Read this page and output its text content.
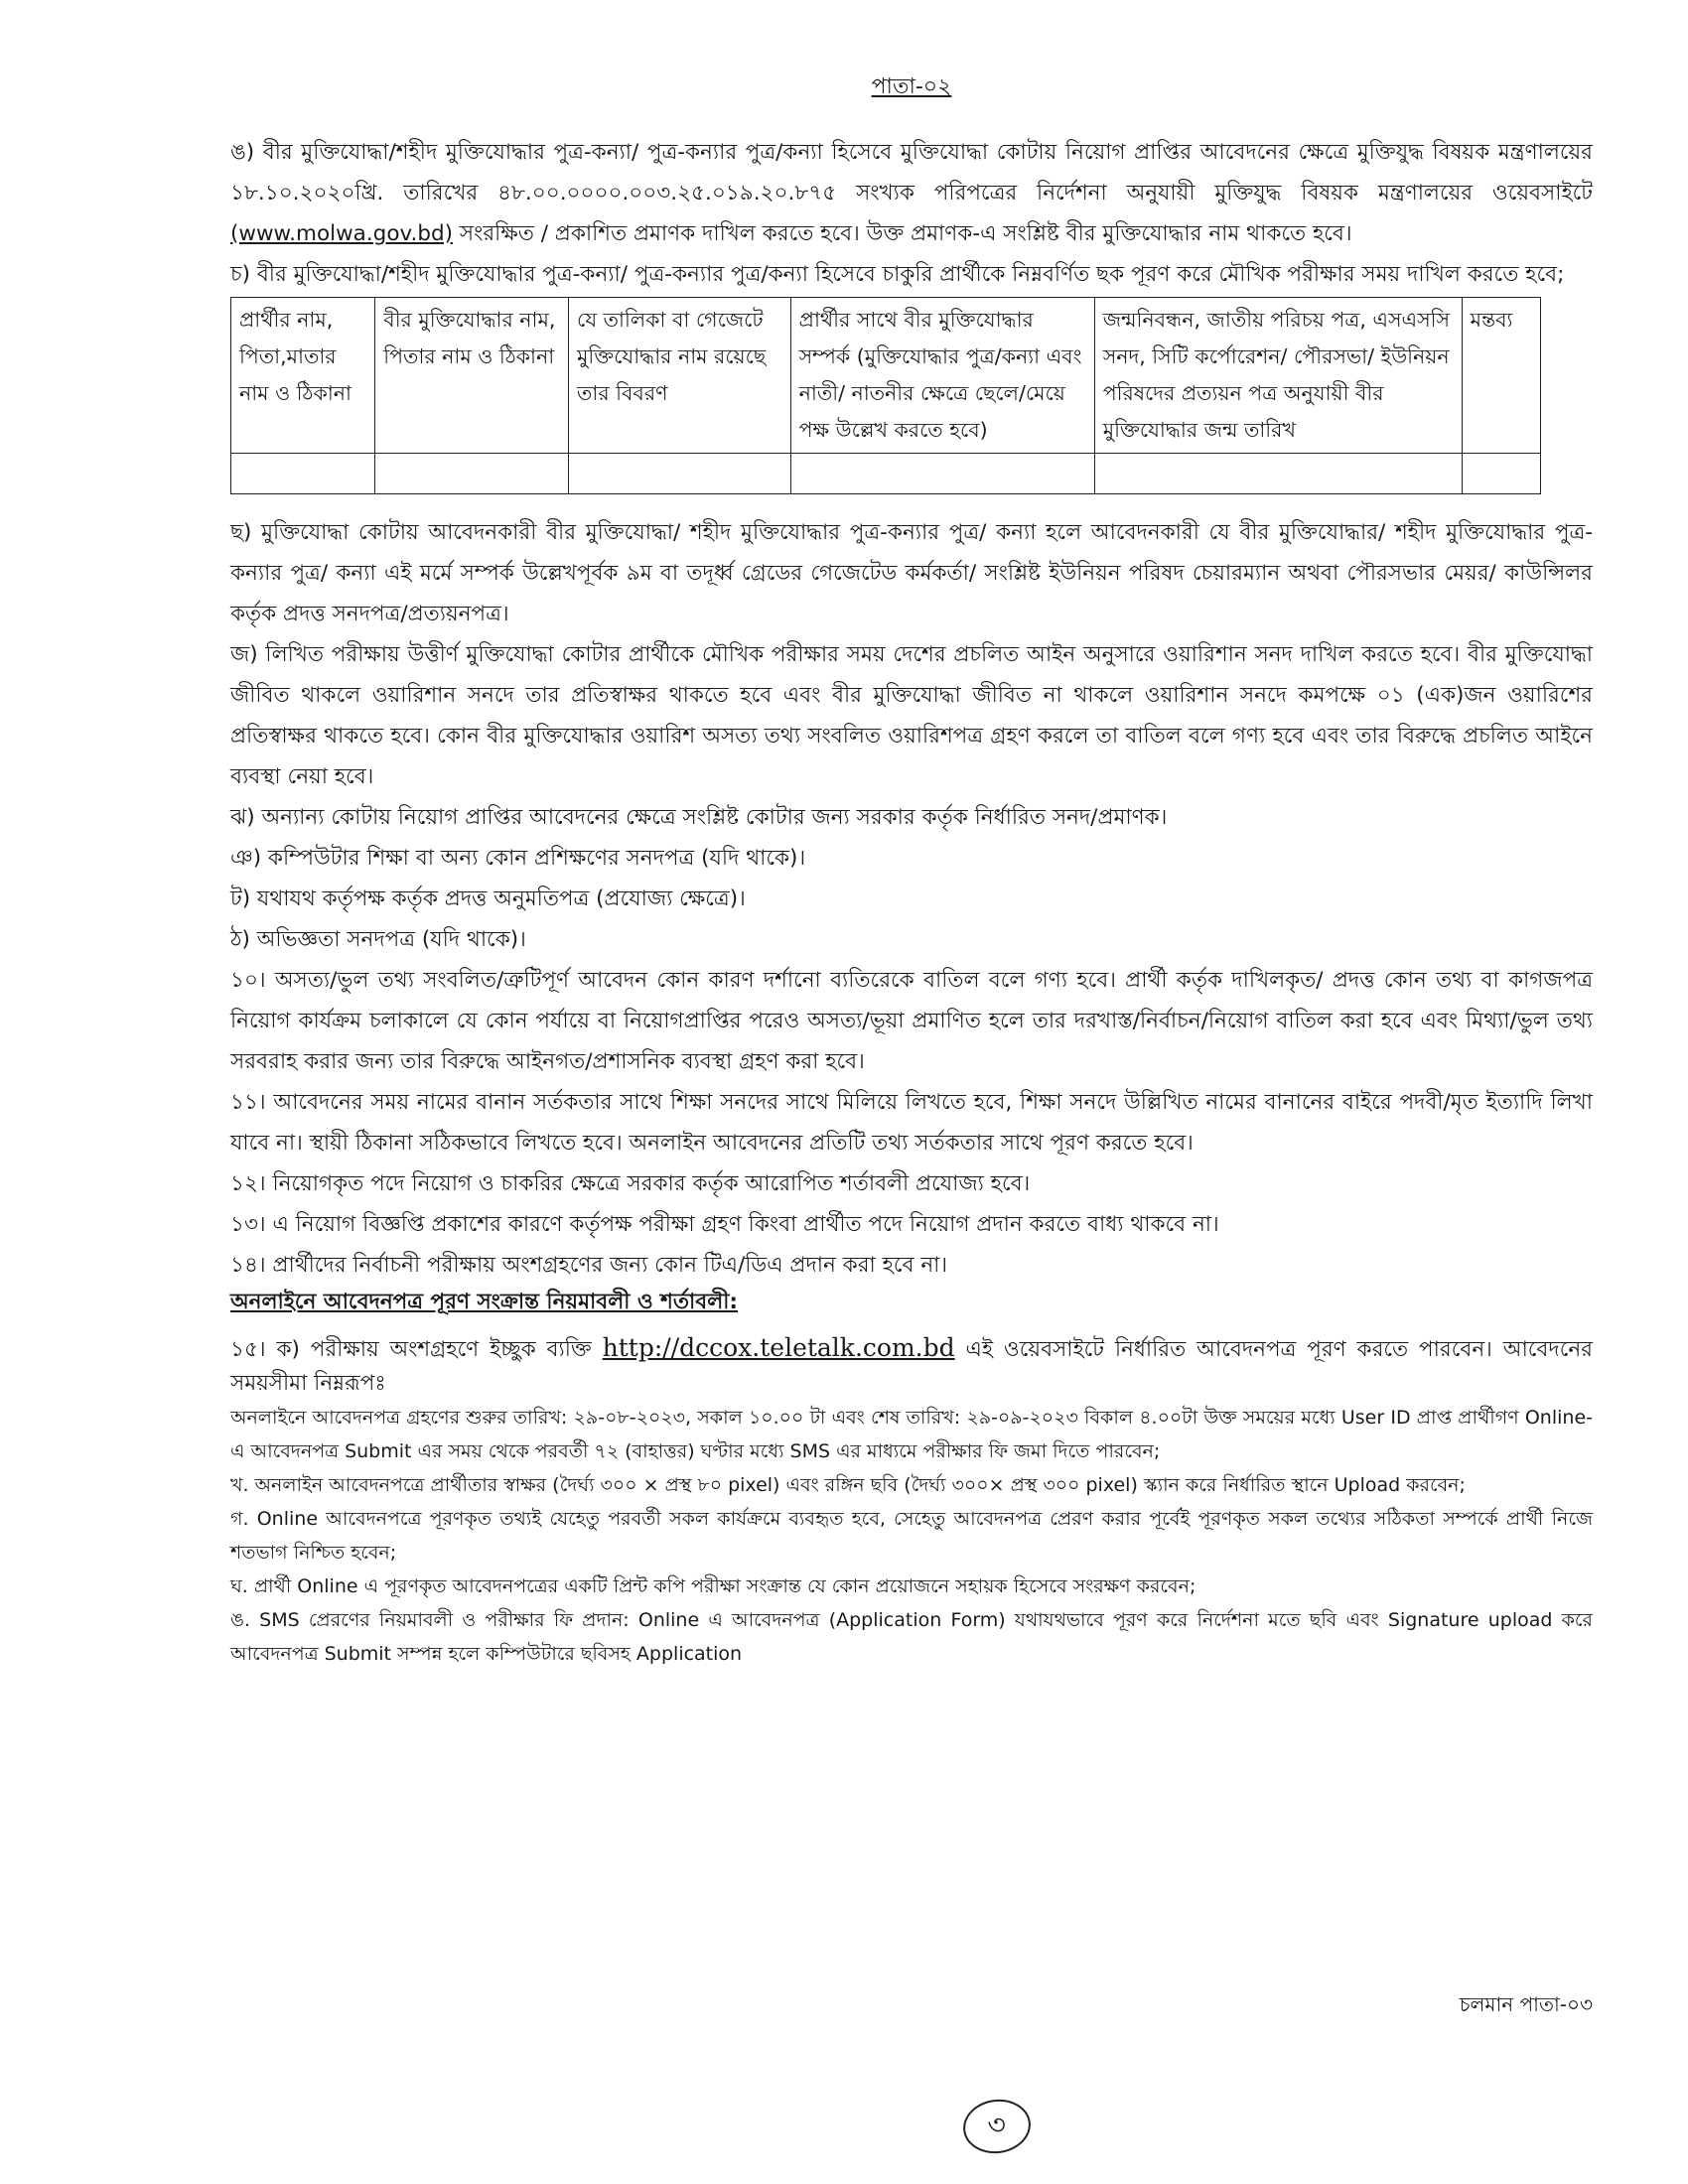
পাতা-০২

ঙ) বীর মুক্তিযোদ্ধা/শহীদ মুক্তিযোদ্ধার পুত্র-কন্যা/ পুত্র-কন্যার পুত্র/কন্যা হিসেবে মুক্তিযোদ্ধা কোটায় নিয়োগ প্রাপ্তির আবেদনের ক্ষেত্রে মুক্তিযুদ্ধ বিষয়ক মন্ত্রণালয়ের ১৮.১০.২০২০খ্রি. তারিখের ৪৮.০০.০০০০.০০৩.২৫.০১৯.২০.৮৭৫ সংখ্যক পরিপত্রের নির্দেশনা অনুযায়ী মুক্তিযুদ্ধ বিষয়ক মন্ত্রণালয়ের ওয়েবসাইটে (www.molwa.gov.bd) সংরক্ষিত / প্রকাশিত প্রমাণক দাখিল করতে হবে। উক্ত প্রমাণক-এ সংশ্লিষ্ট বীর মুক্তিযোদ্ধার নাম থাকতে হবে।

চ) বীর মুক্তিযোদ্ধা/শহীদ মুক্তিযোদ্ধার পুত্র-কন্যা/ পুত্র-কন্যার পুত্র/কন্যা হিসেবে চাকুরি প্রার্থীকে নিম্নবর্ণিত ছক পূরণ করে মৌখিক পরীক্ষার সময় দাখিল করতে হবে;

প্রার্থীর নাম, পিতা,মাতার নাম ও ঠিকানা	বীর মুক্তিযোদ্ধার নাম, পিতার নাম ও ঠিকানা	যে তালিকা বা গেজেটে মুক্তিযোদ্ধার নাম রয়েছে তার বিবরণ	প্রার্থীর সাথে বীর মুক্তিযোদ্ধার সম্পর্ক (মুক্তিযোদ্ধার পুত্র/কন্যা এবং নাতী/ নাতনীর ক্ষেত্রে ছেলে/মেয়ে পক্ষ উল্লেখ করতে হবে)	জন্মনিবন্ধন, জাতীয় পরিচয় পত্র, এসএসসি সনদ, সিটি কর্পোরেশন/ পৌরসভা/ ইউনিয়ন পরিষদের প্রত্যয়ন পত্র অনুযায়ী বীর মুক্তিযোদ্ধার জন্ম তারিখ	মন্তব্য

ছ) মুক্তিযোদ্ধা কোটায় আবেদনকারী বীর মুক্তিযোদ্ধা/ শহীদ মুক্তিযোদ্ধার পুত্র-কন্যার পুত্র/ কন্যা হলে আবেদনকারী যে বীর মুক্তিযোদ্ধার/ শহীদ মুক্তিযোদ্ধার পুত্র-কন্যার পুত্র/ কন্যা এই মর্মে সম্পর্ক উল্লেখপূর্বক ৯ম বা তদূর্ধ্ব গ্রেডের গেজেটেড কর্মকর্তা/ সংশ্লিষ্ট ইউনিয়ন পরিষদ চেয়ারম্যান অথবা পৌরসভার মেয়র/ কাউন্সিলর কর্তৃক প্রদত্ত সনদপত্র/প্রত্যয়নপত্র।

জ) লিখিত পরীক্ষায় উত্তীর্ণ মুক্তিযোদ্ধা কোটার প্রার্থীকে মৌখিক পরীক্ষার সময় দেশের প্রচলিত আইন অনুসারে ওয়ারিশান সনদ দাখিল করতে হবে। বীর মুক্তিযোদ্ধা জীবিত থাকলে ওয়ারিশান সনদে তার প্রতিস্বাক্ষর থাকতে হবে এবং বীর মুক্তিযোদ্ধা জীবিত না থাকলে ওয়ারিশান সনদে কমপক্ষে ০১ (এক)জন ওয়ারিশের প্রতিস্বাক্ষর থাকতে হবে। কোন বীর মুক্তিযোদ্ধার ওয়ারিশ অসত্য তথ্য সংবলিত ওয়ারিশপত্র গ্রহণ করলে তা বাতিল বলে গণ্য হবে এবং তার বিরুদ্ধে প্রচলিত আইনে ব্যবস্থা নেয়া হবে।

ঝ) অন্যান্য কোটায় নিয়োগ প্রাপ্তির আবেদনের ক্ষেত্রে সংশ্লিষ্ট কোটার জন্য সরকার কর্তৃক নির্ধারিত সনদ/প্রমাণক।

ঞ) কম্পিউটার শিক্ষা বা অন্য কোন প্রশিক্ষণের সনদপত্র (যদি থাকে)।

ট) যথাযথ কর্তৃপক্ষ কর্তৃক প্রদত্ত অনুমতিপত্র (প্রযোজ্য ক্ষেত্রে)।

ঠ) অভিজ্ঞতা সনদপত্র (যদি থাকে)।

১০। অসত্য/ভুল তথ্য সংবলিত/ত্রুটিপূর্ণ আবেদন কোন কারণ দর্শানো ব্যতিরেকে বাতিল বলে গণ্য হবে। প্রার্থী কর্তৃক দাখিলকৃত/ প্রদত্ত কোন তথ্য বা কাগজপত্র নিয়োগ কার্যক্রম চলাকালে যে কোন পর্যায়ে বা নিয়োগপ্রাপ্তির পরেও অসত্য/ভূয়া প্রমাণিত হলে তার দরখাস্ত/নির্বাচন/নিয়োগ বাতিল করা হবে এবং মিথ্যা/ভুল তথ্য সরবরাহ করার জন্য তার বিরুদ্ধে আইনগত/প্রশাসনিক ব্যবস্থা গ্রহণ করা হবে।

১১। আবেদনের সময় নামের বানান সর্তকতার সাথে শিক্ষা সনদের সাথে মিলিয়ে লিখতে হবে, শিক্ষা সনদে উল্লিখিত নামের বানানের বাইরে পদবী/মৃত ইত্যাদি লিখা যাবে না। স্থায়ী ঠিকানা সঠিকভাবে লিখতে হবে। অনলাইন আবেদনের প্রতিটি তথ্য সর্তকতার সাথে পূরণ করতে হবে।

১২। নিয়োগকৃত পদে নিয়োগ ও চাকরির ক্ষেত্রে সরকার কর্তৃক আরোপিত শর্তাবলী প্রযোজ্য হবে।

১৩। এ নিয়োগ বিজ্ঞপ্তি প্রকাশের কারণে কর্তৃপক্ষ পরীক্ষা গ্রহণ কিংবা প্রার্থীত পদে নিয়োগ প্রদান করতে বাধ্য থাকবে না।

১৪। প্রার্থীদের নির্বাচনী পরীক্ষায় অংশগ্রহণের জন্য কোন টিএ/ডিএ প্রদান করা হবে না।

অনলাইনে আবেদনপত্র পূরণ সংক্রান্ত নিয়মাবলী ও শর্তাবলী:

১৫। ক) পরীক্ষায় অংশগ্রহণে ইচ্ছুক ব্যক্তি http://dccox.teletalk.com.bd এই ওয়েবসাইটে নির্ধারিত আবেদনপত্র পূরণ করতে পারবেন। আবেদনের সময়সীমা নিম্নরূপঃ

অনলাইনে আবেদনপত্র গ্রহণের শুরুর তারিখ: ২৯-০৮-২০২৩, সকাল ১০.০০ টা এবং শেষ তারিখ: ২৯-০৯-২০২৩ বিকাল ৪.০০টা উক্ত সময়ের মধ্যে User ID প্রাপ্ত প্রার্থীগণ Online- এ আবেদনপত্র Submit এর সময় থেকে পরবর্তী ৭২ (বাহাত্তর) ঘণ্টার মধ্যে SMS এর মাধ্যমে পরীক্ষার ফি জমা দিতে পারবেন;

খ. অনলাইন আবেদনপত্রে প্রার্থীতার স্বাক্ষর (দৈর্ঘ্য ৩০০ × প্রস্থ ৮০ pixel) এবং রঙ্গিন ছবি (দৈর্ঘ্য ৩০০× প্রস্থ ৩০০ pixel) স্ক্যান করে নির্ধারিত স্থানে Upload করবেন;

গ. Online আবেদনপত্রে পূরণকৃত তথ্যই যেহেতু পরবর্তী সকল কার্যক্রমে ব্যবহৃত হবে, সেহেতু আবেদনপত্র প্রেরণ করার পূর্বেই পূরণকৃত সকল তথ্যের সঠিকতা সম্পর্কে প্রার্থী নিজে শতভাগ নিশ্চিত হবেন;

ঘ. প্রার্থী Online এ পূরণকৃত আবেদনপত্রের একটি প্রিন্ট কপি পরীক্ষা সংক্রান্ত যে কোন প্রয়োজনে সহায়ক হিসেবে সংরক্ষণ করবেন;

ঙ. SMS প্রেরণের নিয়মাবলী ও পরীক্ষার ফি প্রদান: Online এ আবেদনপত্র (Application Form) যথাযথভাবে পূরণ করে নির্দেশনা মতে ছবি এবং Signature upload করে আবেদনপত্র Submit সম্পন্ন হলে কম্পিউটারে ছবিসহ Application

চলমান পাতা-০৩
৩
